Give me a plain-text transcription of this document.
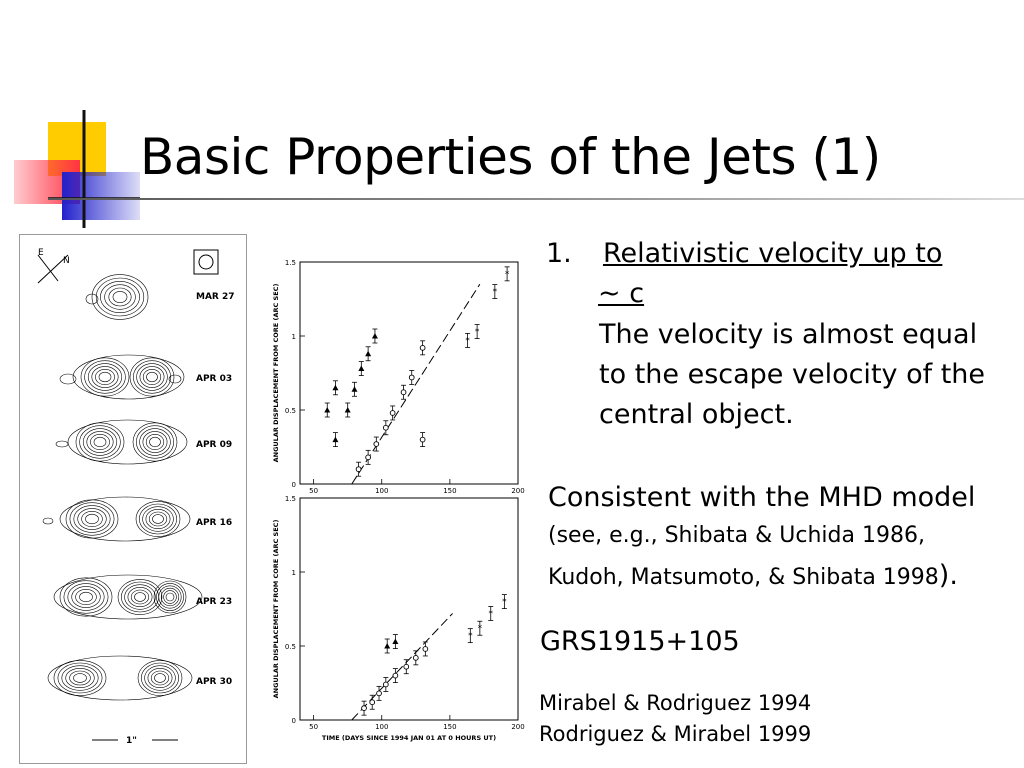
Basic Properties of the Jets (1)
E
N
MAR 27
APR 03
APR 09
APR 16
APR 23
APR 30
1"
0
0.5
1
1.5
50	100	150	200
ANGULAR DISPLACEMENT FROM CORE (ARC SEC)	*
*
*
*
0
0.5
1
1.5
50	100	150	200
ANGULAR DISPLACEMENT FROM CORE (ARC SEC)
TIME (DAYS SINCE 1994 JAN 01 AT 0 HOURS UT)
*
*
*
*
1. Relativistic velocity up to
~ c
The velocity is almost equal
to the escape velocity of the
central object.
Consistent with the MHD model
(see, e.g., Shibata & Uchida 1986,
Kudoh, Matsumoto, & Shibata 1998).
GRS1915+105
Mirabel & Rodriguez 1994
Rodriguez & Mirabel 1999
